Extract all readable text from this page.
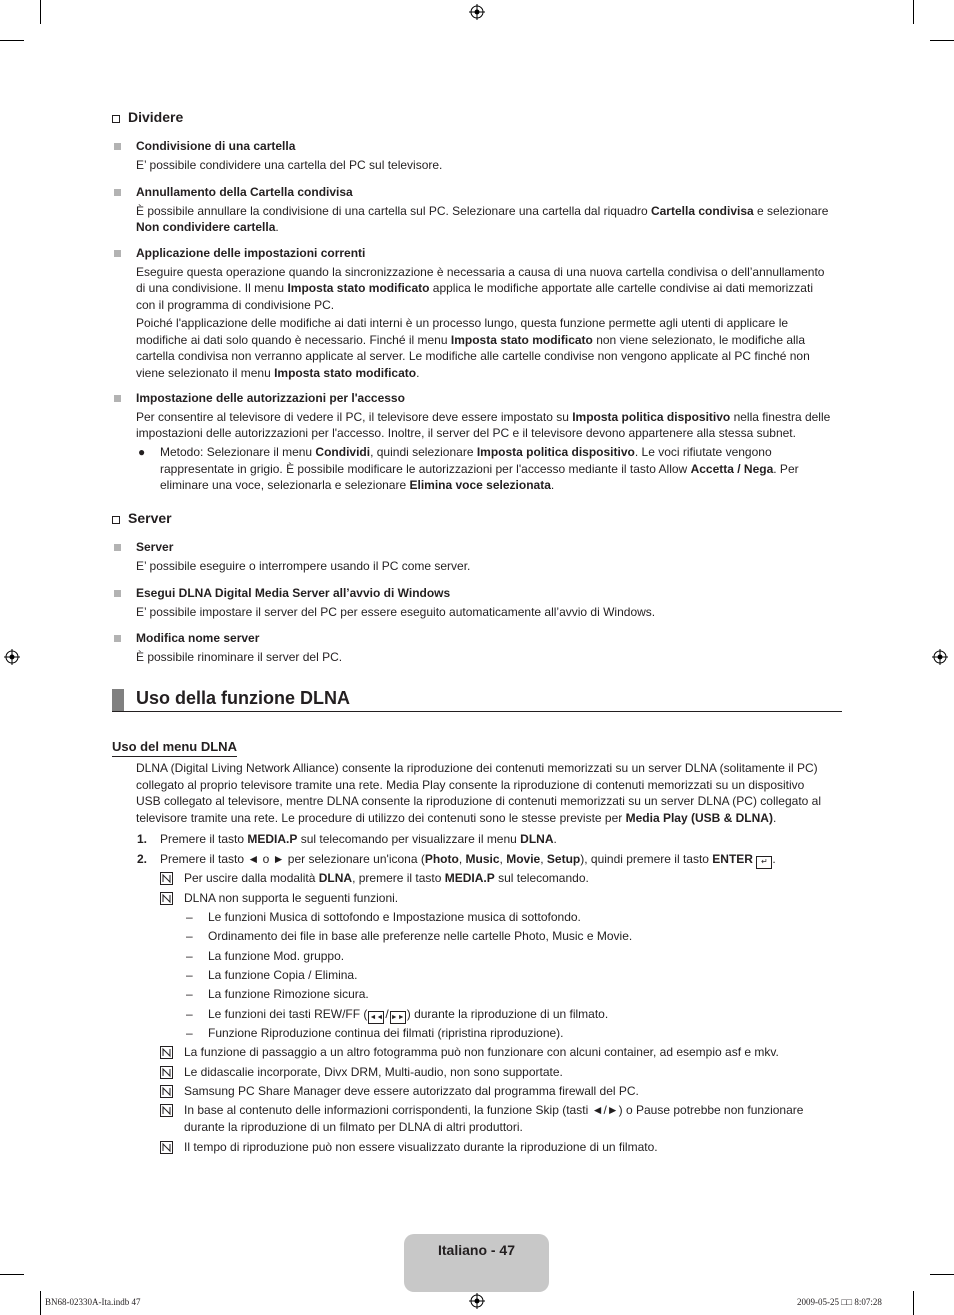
Dividere
Condivisione di una cartella
E’ possibile condividere una cartella del PC sul televisore.
Annullamento della Cartella condivisa
È possibile annullare la condivisione di una cartella sul PC. Selezionare una cartella dal riquadro Cartella condivisa e selezionare
Non condividere cartella.
Applicazione delle impostazioni correnti
Eseguire questa operazione quando la sincronizzazione è necessaria a causa di una nuova cartella condivisa o dell’annullamento
di una condivisione. Il menu Imposta stato modificato applica le modifiche apportate alle cartelle condivise ai dati memorizzati
con il programma di condivisione PC.
Poiché l'applicazione delle modifiche ai dati interni è un processo lungo, questa funzione permette agli utenti di applicare le
modifiche ai dati solo quando è necessario. Finché il menu Imposta stato modificato non viene selezionato, le modifiche alla
cartella condivisa non verranno applicate al server. Le modifiche alle cartelle condivise non vengono applicate al PC finché non
viene selezionato il menu Imposta stato modificato.
Impostazione delle autorizzazioni per l'accesso
Per consentire al televisore di vedere il PC, il televisore deve essere impostato su Imposta politica dispositivo nella finestra delle
impostazioni delle autorizzazioni per l'accesso. Inoltre, il server del PC e il televisore devono appartenere alla stessa subnet.
● Metodo: Selezionare il menu Condividi, quindi selezionare Imposta politica dispositivo. Le voci rifiutate vengono
rappresentate in grigio. È possibile modificare le autorizzazioni per l'accesso mediante il tasto Allow Accetta / Nega. Per
eliminare una voce, selezionarla e selezionare Elimina voce selezionata.
Server
Server
E’ possibile eseguire o interrompere usando il PC come server.
Esegui DLNA Digital Media Server all’avvio di Windows
E’ possibile impostare il server del PC per essere eseguito automaticamente all’avvio di Windows.
Modifica nome server
È possibile rinominare il server del PC.
Uso della funzione DLNA
Uso del menu DLNA
DLNA (Digital Living Network Alliance) consente la riproduzione dei contenuti memorizzati su un server DLNA (solitamente il PC)
collegato al proprio televisore tramite una rete. Media Play consente la riproduzione di contenuti memorizzati su un dispositivo
USB collegato al televisore, mentre DLNA consente la riproduzione di contenuti memorizzati su un server DLNA (PC) collegato al
televisore tramite una rete. Le procedure di utilizzo dei contenuti sono le stesse previste per Media Play (USB & DLNA).
1. Premere il tasto MEDIA.P sul telecomando per visualizzare il menu DLNA.
2. Premere il tasto ◄ o ► per selezionare un'icona (Photo, Music, Movie, Setup), quindi premere il tasto ENTER ↵ .
Per uscire dalla modalità DLNA, premere il tasto MEDIA.P sul telecomando.
DLNA non supporta le seguenti funzioni.
– Le funzioni Musica di sottofondo e Impostazione musica di sottofondo.
– Ordinamento dei file in base alle preferenze nelle cartelle Photo, Music e Movie.
– La funzione Mod. gruppo.
– La funzione Copia / Elimina.
– La funzione Rimozione sicura.
– Le funzioni dei tasti REW/FF ( ◄◄ / ►► ) durante la riproduzione di un filmato.
– Funzione Riproduzione continua dei filmati (ripristina riproduzione).
La funzione di passaggio a un altro fotogramma può non funzionare con alcuni container, ad esempio asf e mkv.
Le didascalie incorporate, Divx DRM, Multi-audio, non sono supportate.
Samsung PC Share Manager deve essere autorizzato dal programma firewall del PC.
In base al contenuto delle informazioni corrispondenti, la funzione Skip (tasti ◄/►) o Pause potrebbe non funzionare
durante la riproduzione di un filmato per DLNA di altri produttori.
Il tempo di riproduzione può non essere visualizzato durante la riproduzione di un filmato.
Italiano - 47
BN68-02330A-Ita.indb 47	2009-05-25 □□ 8:07:28
